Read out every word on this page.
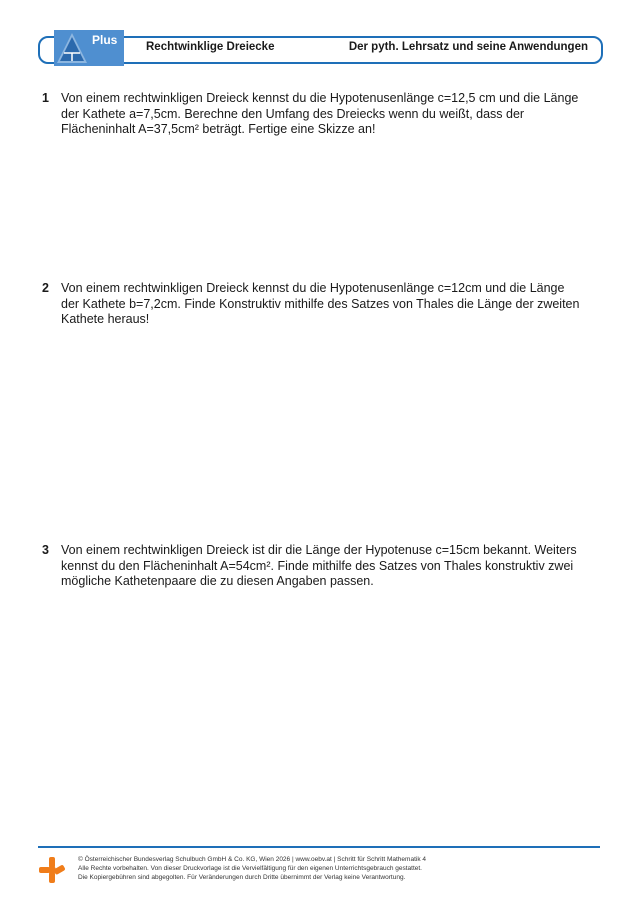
Plus Rechtwinklige Dreiecke	Der pyth. Lehrsatz und seine Anwendungen
1 Von einem rechtwinkligen Dreieck kennst du die Hypotenusenlänge c=12,5 cm und die Länge der Kathete a=7,5cm. Berechne den Umfang des Dreiecks wenn du weißt, dass der Flächeninhalt A=37,5cm² beträgt. Fertige eine Skizze an!
2 Von einem rechtwinkligen Dreieck kennst du die Hypotenusenlänge c=12cm und die Länge der Kathete b=7,2cm. Finde Konstruktiv mithilfe des Satzes von Thales die Länge der zweiten Kathete heraus!
3 Von einem rechtwinkligen Dreieck ist dir die Länge der Hypotenuse c=15cm bekannt. Weiters kennst du den Flächeninhalt A=54cm². Finde mithilfe des Satzes von Thales konstruktiv zwei mögliche Kathetenpaare die zu diesen Angaben passen.
© Österreichischer Bundesverlag Schulbuch GmbH & Co. KG, Wien 2026 | www.oebv.at | Schritt für Schritt Mathematik 4
Alle Rechte vorbehalten. Von dieser Druckvorlage ist die Vervielfältigung für den eigenen Unterrichtsgebrauch gestattet.
Die Kopiergebühren sind abgegolten. Für Veränderungen durch Dritte übernimmt der Verlag keine Verantwortung.
